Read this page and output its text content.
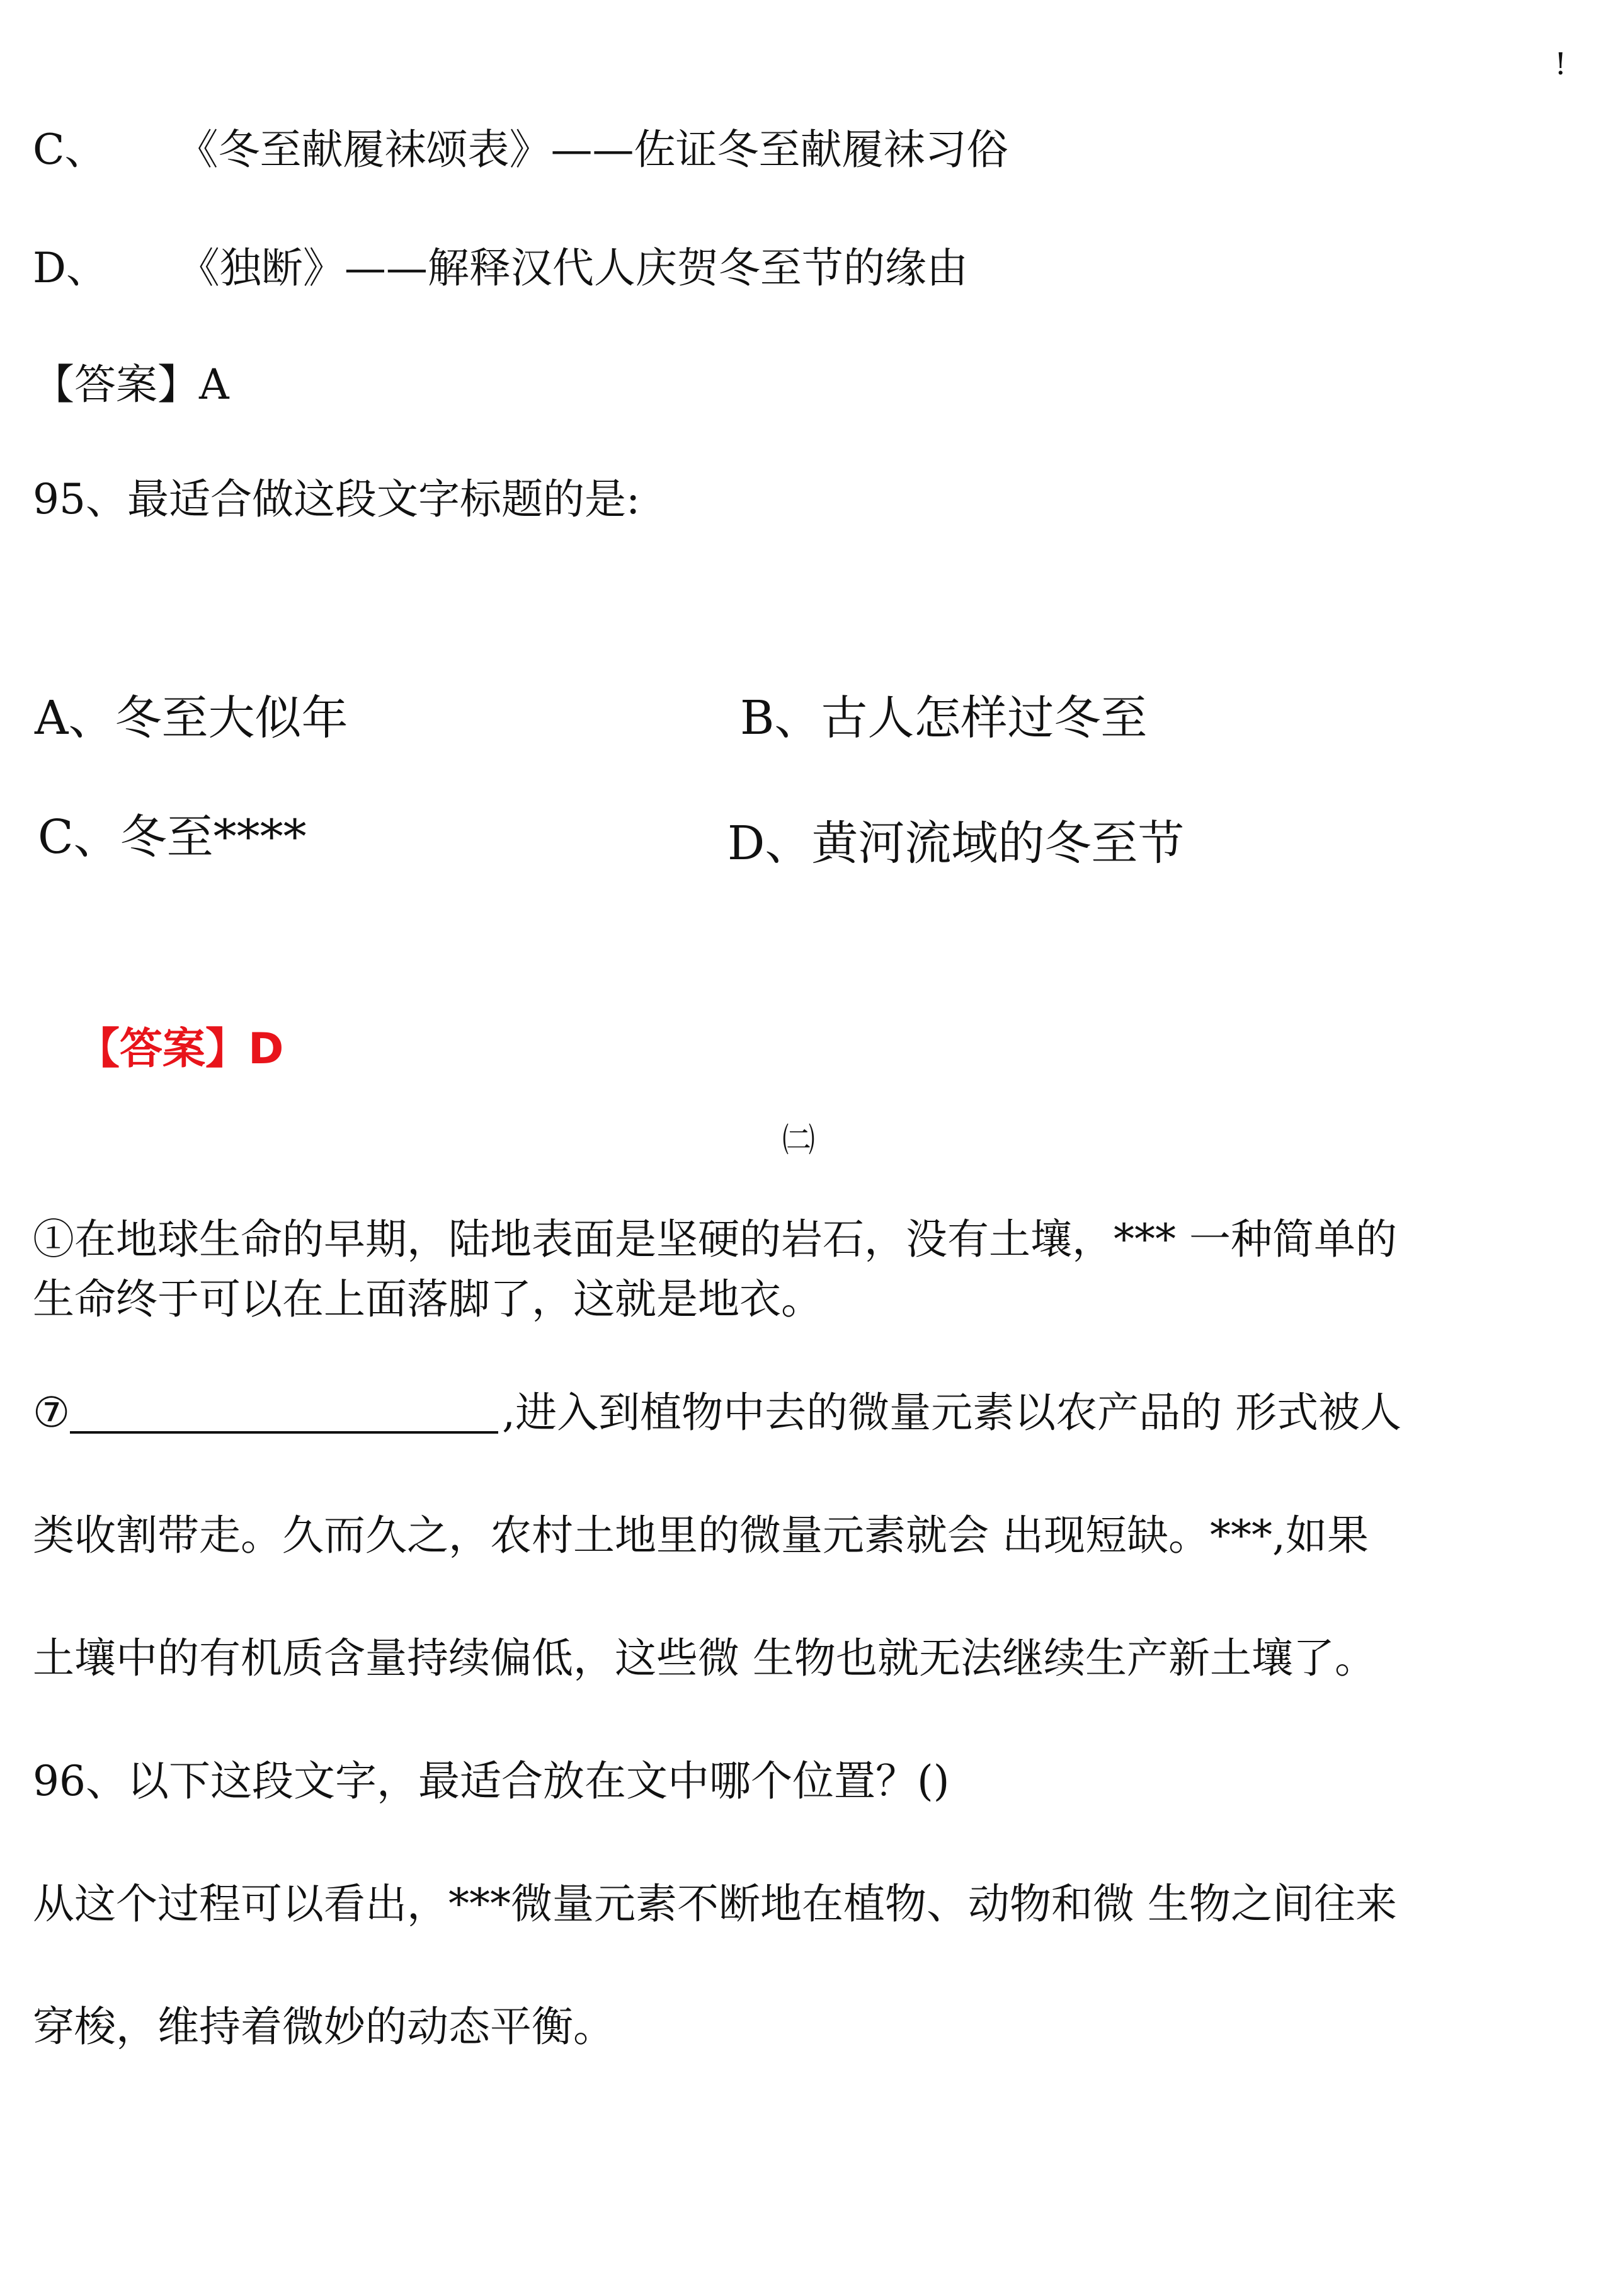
!
C、 《冬至献履袜颂表》——佐证冬至献履袜习俗
D、 《独断》——解释汉代人庆贺冬至节的缘由
【答案】A
95、最适合做这段文字标题的是:
A、冬至大似年	B、古人怎样过冬至
C、冬至****	D、黄河流域的冬至节
【答案】D
㈡
①在地球生命的早期，陆地表面是坚硬的岩石，没有土壤，*** 一种简单的
生命终于可以在上面落脚了，这就是地衣。
⑦	,进入到植物中去的微量元素以农产品的 形式被人
类收割带走。久而久之，农村土地里的微量元素就会 出现短缺。***,如果
土壤中的有机质含量持续偏低，这些微 生物也就无法继续生产新土壤了。
96、以下这段文字，最适合放在文中哪个位置？()
从这个过程可以看出，***微量元素不断地在植物、动物和微 生物之间往来
穿梭，维持着微妙的动态平衡。
